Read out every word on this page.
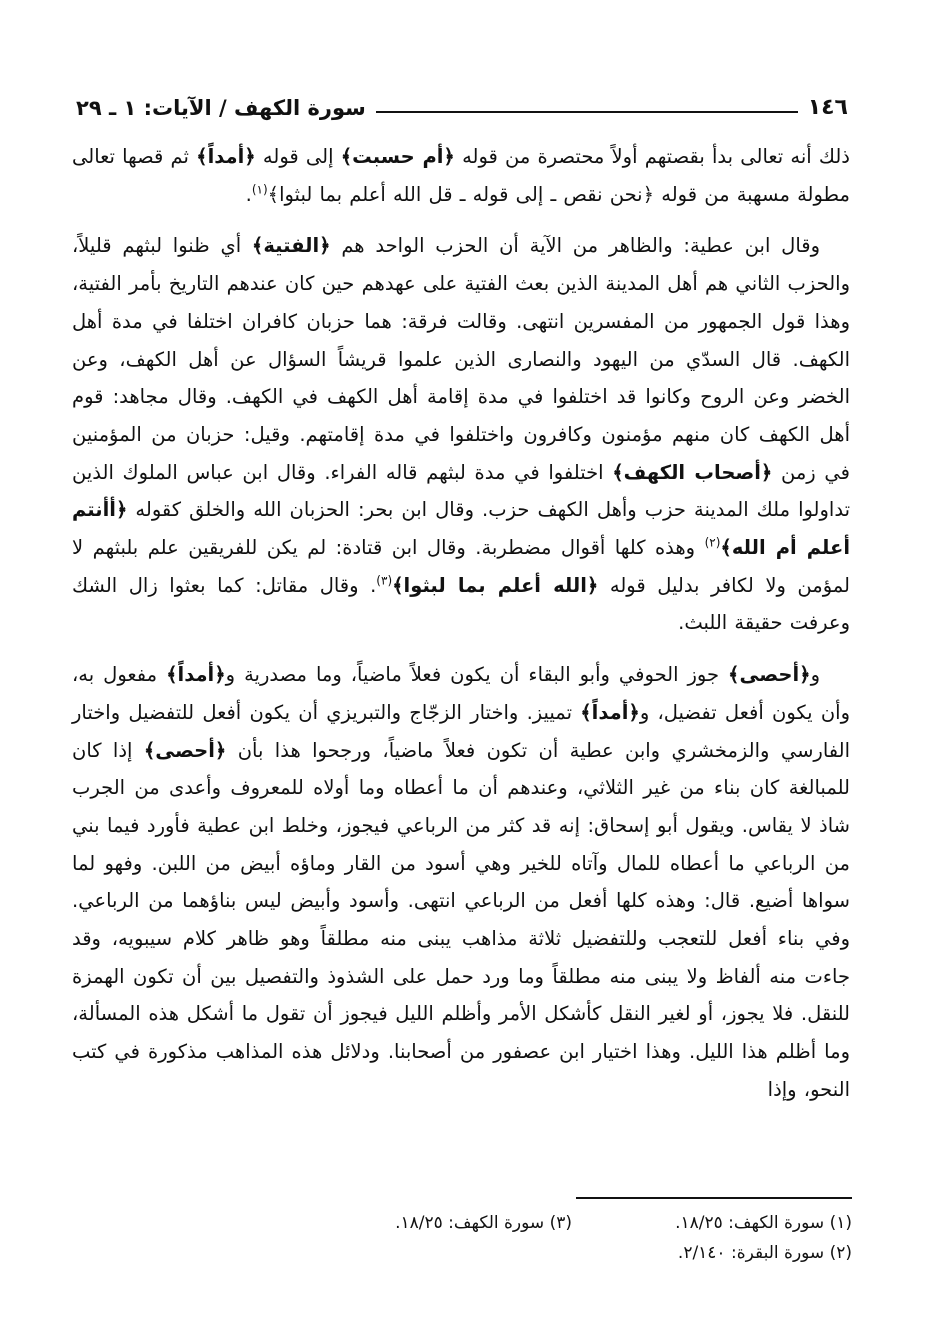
١٤٦
سورة الكهف / الآيات: ١ ـ ٢٩

ذلك أنه تعالى بدأ بقصتهم أولاً محتصرة من قوله ﴿أم حسبت﴾ إلى قوله ﴿أمداً﴾ ثم قصها تعالى مطولة مسهبة من قوله ﴿نحن نقص ـ إلى قوله ـ قل الله أعلم بما لبثوا﴾$^{(١)}$.

وقال ابن عطية: والظاهر من الآية أن الحزب الواحد هم ﴿الفتية﴾ أي ظنوا لبثهم قليلاً، والحزب الثاني هم أهل المدينة الذين بعث الفتية على عهدهم حين كان عندهم التاريخ بأمر الفتية، وهذا قول الجمهور من المفسرين انتهى. وقالت فرقة: هما حزبان كافران اختلفا في مدة أهل الكهف. قال السدّي من اليهود والنصارى الذين علموا قريشاً السؤال عن أهل الكهف، وعن الخضر وعن الروح وكانوا قد اختلفوا في مدة إقامة أهل الكهف في الكهف. وقال مجاهد: قوم أهل الكهف كان منهم مؤمنون وكافرون واختلفوا في مدة إقامتهم. وقيل: حزبان من المؤمنين في زمن ﴿أصحاب الكهف﴾ اختلفوا في مدة لبثهم قاله الفراء. وقال ابن عباس الملوك الذين تداولوا ملك المدينة حزب وأهل الكهف حزب. وقال ابن بحر: الحزبان الله والخلق كقوله ﴿أأنتم أعلم أم الله﴾$^{(٢)}$ وهذه كلها أقوال مضطربة. وقال ابن قتادة: لم يكن للفريقين علم بلبثهم لا لمؤمن ولا لكافر بدليل قوله ﴿الله أعلم بما لبثوا﴾$^{(٣)}$. وقال مقاتل: كما بعثوا زال الشك وعرفت حقيقة اللبث.

و﴿أحصى﴾ جوز الحوفي وأبو البقاء أن يكون فعلاً ماضياً، وما مصدرية و﴿أمداً﴾ مفعول به، وأن يكون أفعل تفضيل، و﴿أمداً﴾ تمييز. واختار الزجّاج والتبريزي أن يكون أفعل للتفضيل واختار الفارسي والزمخشري وابن عطية أن تكون فعلاً ماضياً، ورجحوا هذا بأن ﴿أحصى﴾ إذا كان للمبالغة كان بناء من غير الثلاثي، وعندهم أن ما أعطاه وما أولاه للمعروف وأعدى من الجرب شاذ لا يقاس. ويقول أبو إسحاق: إنه قد كثر من الرباعي فيجوز، وخلط ابن عطية فأورد فيما بني من الرباعي ما أعطاه للمال وآتاه للخير وهي أسود من القار وماؤه أبيض من اللبن. وفهو لما سواها أضيع. قال: وهذه كلها أفعل من الرباعي انتهى. وأسود وأبيض ليس بناؤهما من الرباعي. وفي بناء أفعل للتعجب وللتفضيل ثلاثة مذاهب يبنى منه مطلقاً وهو ظاهر كلام سيبويه، وقد جاءت منه ألفاظ ولا يبنى منه مطلقاً وما ورد حمل على الشذوذ والتفصيل بين أن تكون الهمزة للنقل. فلا يجوز، أو لغير النقل كأشكل الأمر وأظلم الليل فيجوز أن تقول ما أشكل هذه المسألة، وما أظلم هذا الليل. وهذا اختيار ابن عصفور من أصحابنا. ودلائل هذه المذاهب مذكورة في كتب النحو، وإذا

(١) سورة الكهف: ١٨/٢٥.
(٣) سورة الكهف: ١٨/٢٥.
(٢) سورة البقرة: ٢/١٤٠.
